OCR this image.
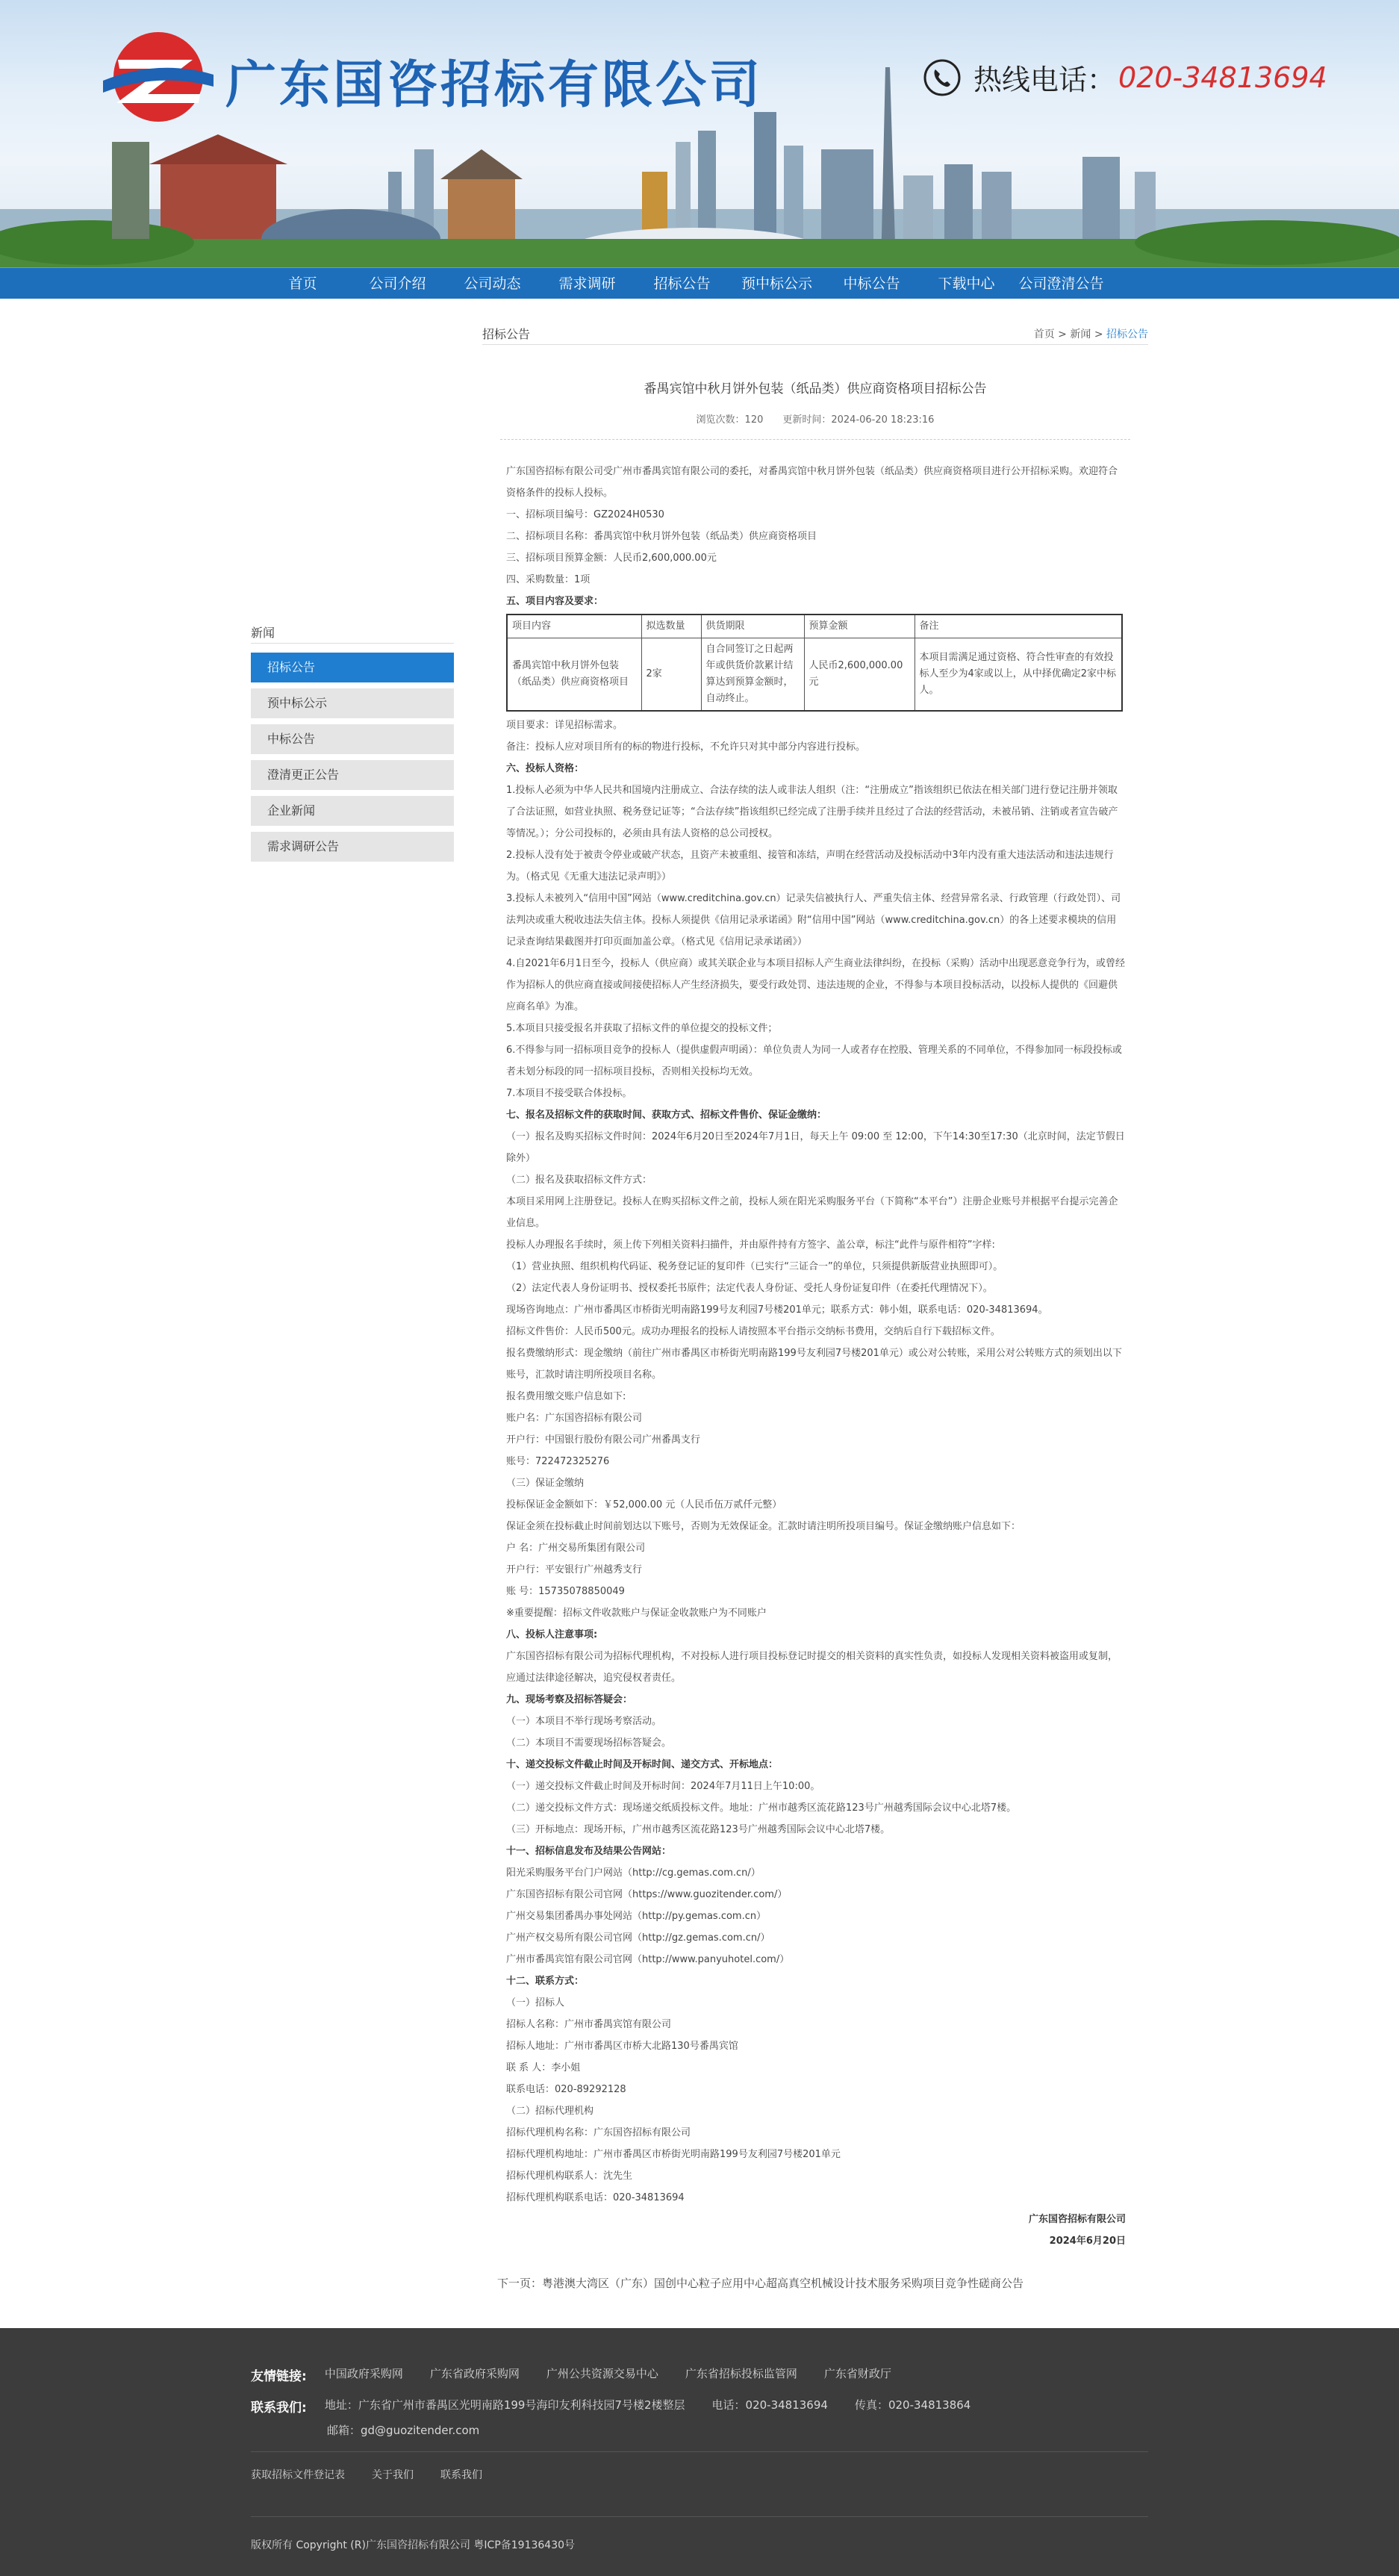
广东国咨招标有限公司	热线电话： 020-34813694
首页	公司介绍	公司动态	需求调研	招标公告	预中标公示	中标公告	下载中心	公司澄清公告
新闻
招标公告
预中标公示
中标公告
澄清更正公告
企业新闻
需求调研公告
招标公告	首页 > 新闻 > 招标公告
番禺宾馆中秋月饼外包装（纸品类）供应商资格项目招标公告
浏览次数：120　　更新时间：2024-06-20 18:23:16

广东国咨招标有限公司受广州市番禺宾馆有限公司的委托，对番禺宾馆中秋月饼外包装（纸品类）供应商资格项目进行公开招标采购。欢迎符合资格条件的投标人投标。

一、招标项目编号：GZ2024H0530

二、招标项目名称：番禺宾馆中秋月饼外包装（纸品类）供应商资格项目

三、招标项目预算金额：人民币2,600,000.00元

四、采购数量：1项

五、项目内容及要求：

项目内容	拟选数量	供货期限	预算金额	备注
番禺宾馆中秋月饼外包装（纸品类）供应商资格项目	2家	自合同签订之日起两年或供货价款累计结算达到预算金额时，自动终止。	人民币2,600,000.00元	本项目需满足通过资格、符合性审查的有效投标人至少为4家或以上，从中择优确定2家中标人。

项目要求：详见招标需求。

备注：投标人应对项目所有的标的物进行投标，不允许只对其中部分内容进行投标。

六、投标人资格：

1.投标人必须为中华人民共和国境内注册成立、合法存续的法人或非法人组织（注：“注册成立”指该组织已依法在相关部门进行登记注册并领取了合法证照，如营业执照、税务登记证等；“合法存续”指该组织已经完成了注册手续并且经过了合法的经营活动，未被吊销、注销或者宣告破产等情况。）；分公司投标的，必须由具有法人资格的总公司授权。

2.投标人没有处于被责令停业或破产状态，且资产未被重组、接管和冻结，声明在经营活动及投标活动中3年内没有重大违法活动和违法违规行为。（格式见《无重大违法记录声明》）

3.投标人未被列入“信用中国”网站（www.creditchina.gov.cn）记录失信被执行人、严重失信主体、经营异常名录、行政管理（行政处罚）、司法判决或重大税收违法失信主体。投标人须提供《信用记录承诺函》附“信用中国”网站（www.creditchina.gov.cn）的各上述要求模块的信用记录查询结果截图并打印页面加盖公章。（格式见《信用记录承诺函》）

4.自2021年6月1日至今，投标人（供应商）或其关联企业与本项目招标人产生商业法律纠纷，在投标（采购）活动中出现恶意竞争行为，或曾经作为招标人的供应商直接或间接使招标人产生经济损失，要受行政处罚、违法违规的企业，不得参与本项目投标活动，以投标人提供的《回避供应商名单》为准。

5.本项目只接受报名并获取了招标文件的单位提交的投标文件；

6.不得参与同一招标项目竞争的投标人（提供虚假声明函）：单位负责人为同一人或者存在控股、管理关系的不同单位，不得参加同一标段投标或者未划分标段的同一招标项目投标，否则相关投标均无效。

7.本项目不接受联合体投标。

七、报名及招标文件的获取时间、获取方式、招标文件售价、保证金缴纳：

（一）报名及购买招标文件时间：2024年6月20日至2024年7月1日，每天上午 09:00 至 12:00，下午14:30至17:30（北京时间，法定节假日除外）

（二）报名及获取招标文件方式：

本项目采用网上注册登记。投标人在购买招标文件之前，投标人须在阳光采购服务平台（下简称“本平台”）注册企业账号并根据平台提示完善企业信息。

投标人办理报名手续时，须上传下列相关资料扫描件，并由原件持有方签字、盖公章，标注“此件与原件相符”字样:

（1）营业执照、组织机构代码证、税务登记证的复印件（已实行“三证合一”的单位，只须提供新版营业执照即可）。

（2）法定代表人身份证明书、授权委托书原件；法定代表人身份证、受托人身份证复印件（在委托代理情况下）。

现场咨询地点：广州市番禺区市桥街光明南路199号友利园7号楼201单元；联系方式：韩小姐，联系电话：020-34813694。

招标文件售价：人民币500元。成功办理报名的投标人请按照本平台指示交纳标书费用，交纳后自行下载招标文件。

报名费缴纳形式：现金缴纳（前往广州市番禺区市桥街光明南路199号友利园7号楼201单元）或公对公转账，采用公对公转账方式的须划出以下账号，汇款时请注明所投项目名称。

报名费用缴交账户信息如下:

账户名：广东国咨招标有限公司

开户行：中国银行股份有限公司广州番禺支行

账号：722472325276

（三）保证金缴纳

投标保证金金额如下：￥52,000.00 元（人民币伍万贰仟元整）

保证金须在投标截止时间前划达以下账号，否则为无效保证金。汇款时请注明所投项目编号。保证金缴纳账户信息如下：

户 名：广州交易所集团有限公司

开户行：平安银行广州越秀支行

账 号：15735078850049

※重要提醒：招标文件收款账户与保证金收款账户为不同账户

八、投标人注意事项:

广东国咨招标有限公司为招标代理机构，不对投标人进行项目投标登记时提交的相关资料的真实性负责，如投标人发现相关资料被盗用或复制，应通过法律途径解决，追究侵权者责任。

九、现场考察及招标答疑会：

（一）本项目不举行现场考察活动。

（二）本项目不需要现场招标答疑会。

十、递交投标文件截止时间及开标时间、递交方式、开标地点：

（一）递交投标文件截止时间及开标时间：2024年7月11日上午10:00。

（二）递交投标文件方式：现场递交纸质投标文件。地址：广州市越秀区流花路123号广州越秀国际会议中心北塔7楼。

（三）开标地点：现场开标，广州市越秀区流花路123号广州越秀国际会议中心北塔7楼。

十一、招标信息发布及结果公告网站：

阳光采购服务平台门户网站（http://cg.gemas.com.cn/）

广东国咨招标有限公司官网（https://www.guozitender.com/）

广州交易集团番禺办事处网站（http://py.gemas.com.cn）

广州产权交易所有限公司官网（http://gz.gemas.com.cn/）

广州市番禺宾馆有限公司官网（http://www.panyuhotel.com/）

十二、联系方式：

（一）招标人

招标人名称：广州市番禺宾馆有限公司

招标人地址：广州市番禺区市桥大北路130号番禺宾馆

联 系 人：李小姐

联系电话：020-89292128

（二）招标代理机构

招标代理机构名称：广东国咨招标有限公司

招标代理机构地址：广州市番禺区市桥街光明南路199号友利园7号楼201单元

招标代理机构联系人：沈先生

招标代理机构联系电话：020-34813694

广东国咨招标有限公司

2024年6月20日

下一页：粤港澳大湾区（广东）国创中心粒子应用中心超高真空机械设计技术服务采购项目竞争性磋商公告
友情链接: 中国政府采购网 广东省政府采购网 广州公共资源交易中心 广东省招标投标监管网 广东省财政厅
联系我们: 地址：广东省广州市番禺区光明南路199号海印友利科技园7号楼2楼整层 电话：020-34813694 传真：020-34813864
邮箱：gd@guozitender.com
获取招标文件登记表	关于我们	联系我们
版权所有 Copyright (R)广东国咨招标有限公司 粤ICP备19136430号
